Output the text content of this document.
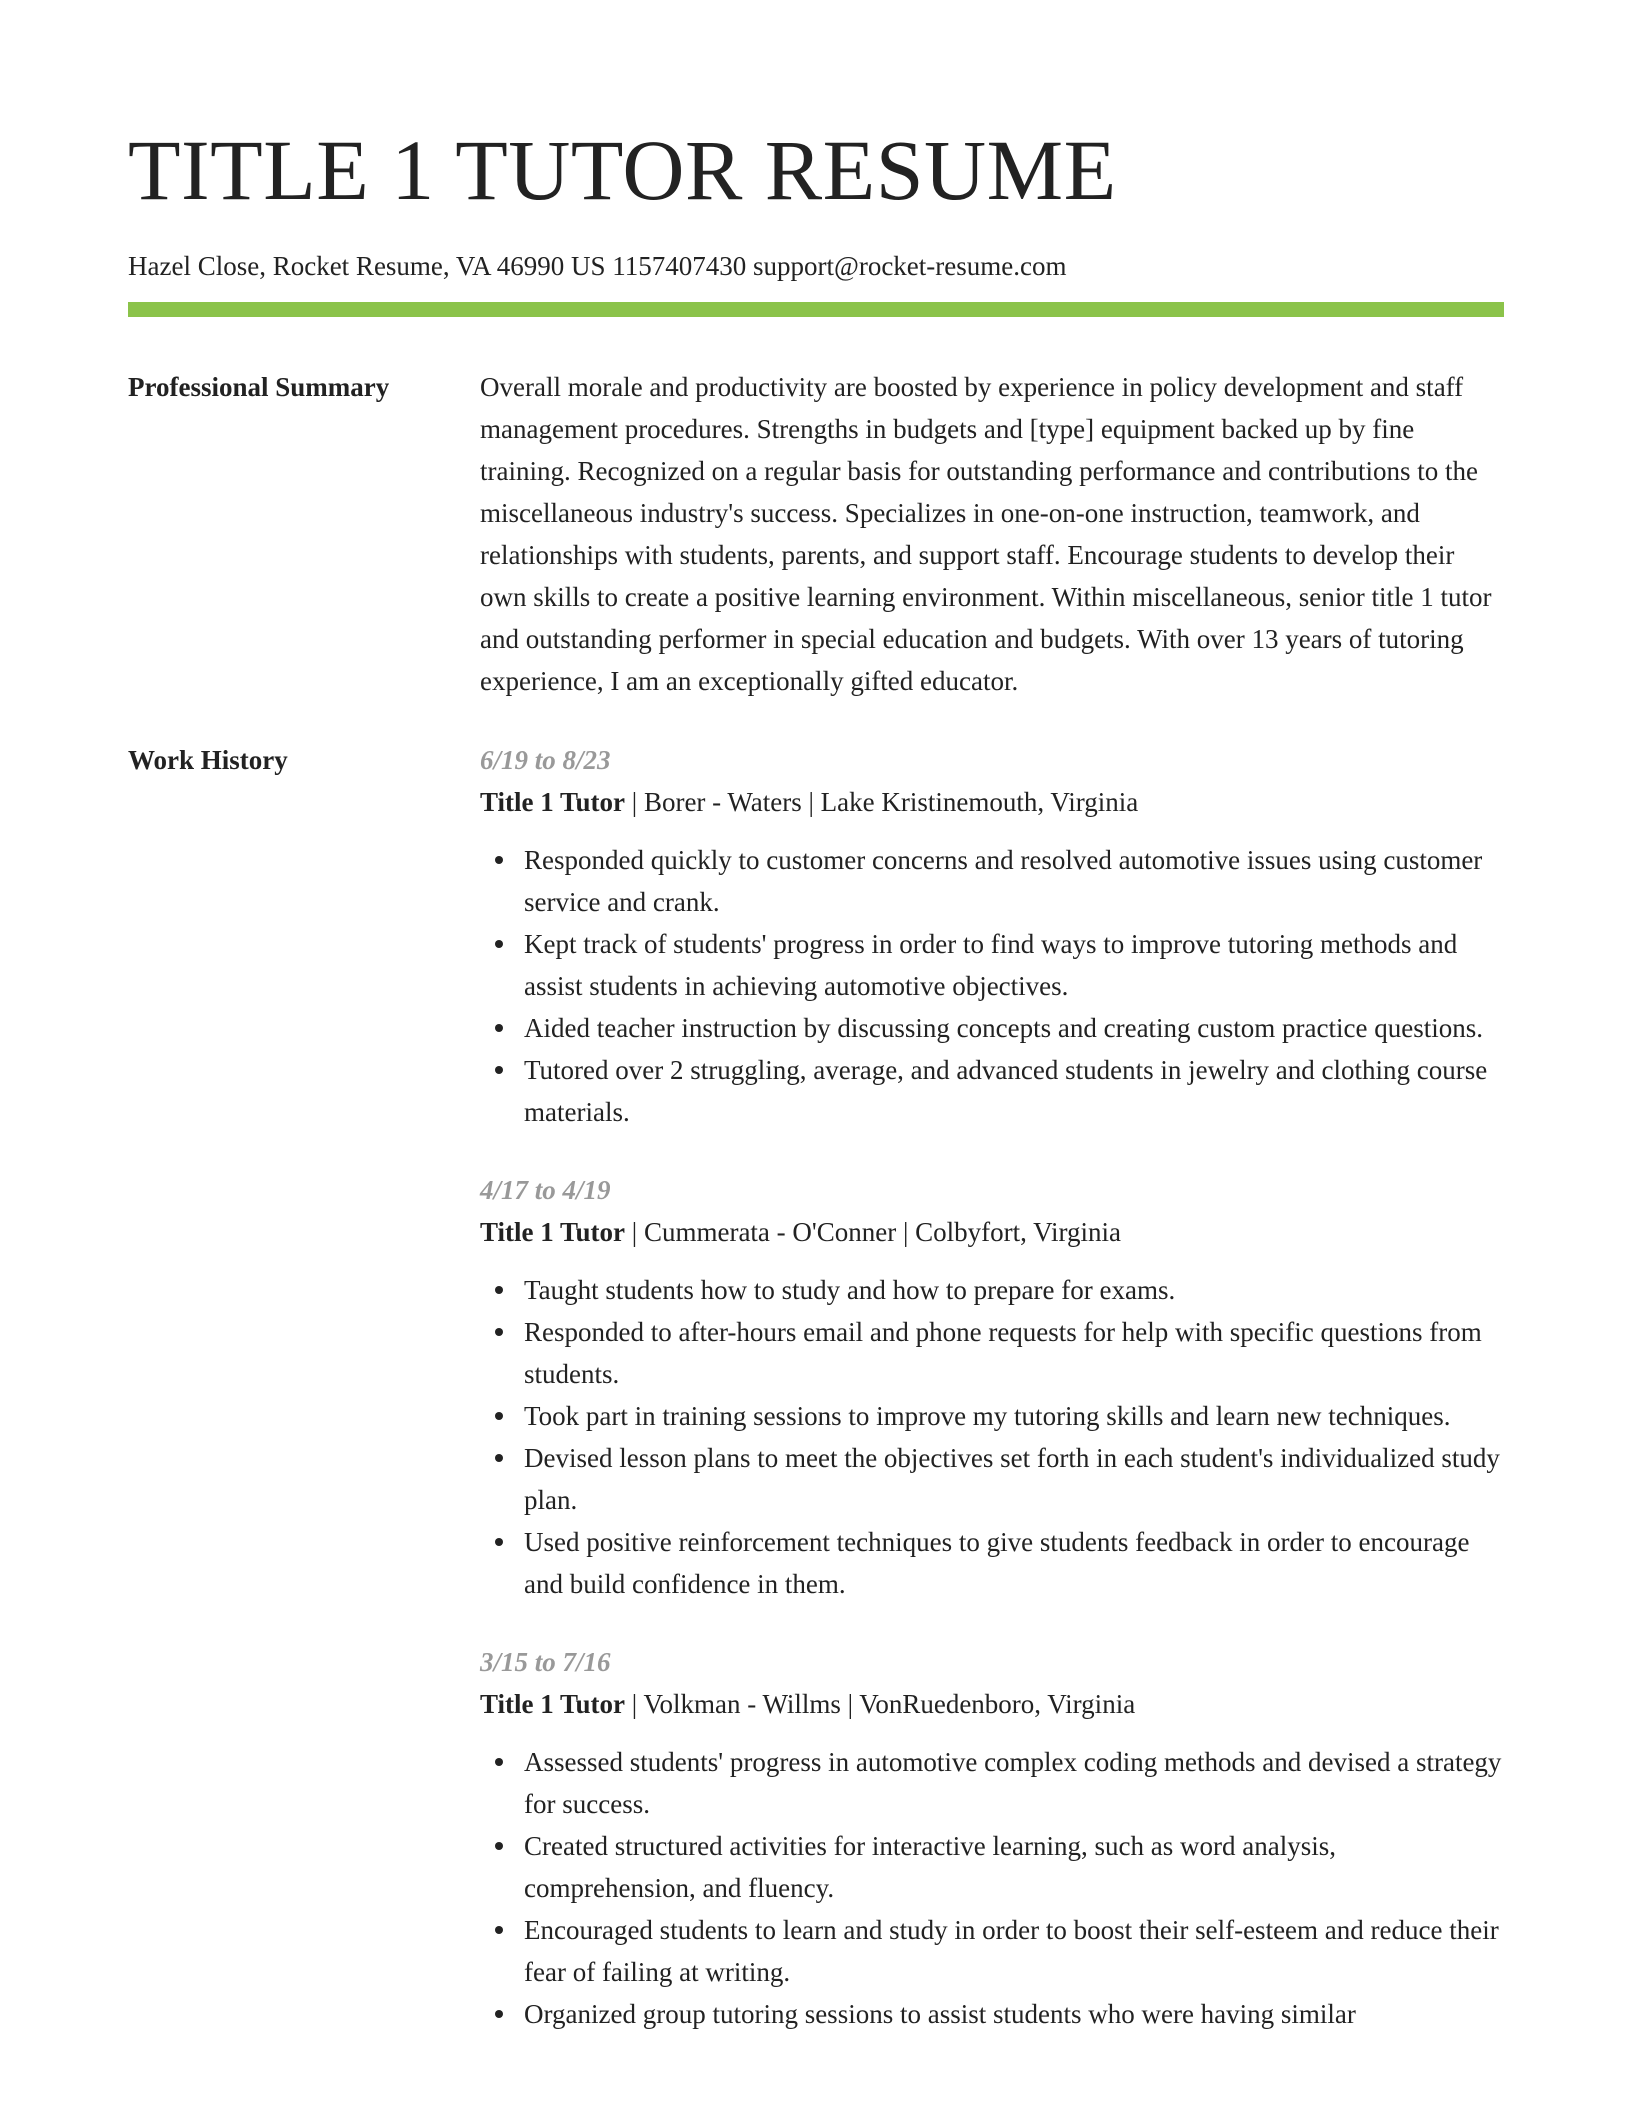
TITLE 1 TUTOR RESUME
Hazel Close, Rocket Resume, VA 46990 US 1157407430 support@rocket-resume.com
Professional Summary	Overall morale and productivity are boosted by experience in policy development and staff management procedures. Strengths in budgets and [type] equipment backed up by fine training. Recognized on a regular basis for outstanding performance and contributions to the miscellaneous industry's success. Specializes in one-on-one instruction, teamwork, and relationships with students, parents, and support staff. Encourage students to develop their own skills to create a positive learning environment. Within miscellaneous, senior title 1 tutor and outstanding performer in special education and budgets. With over 13 years of tutoring experience, I am an exceptionally gifted educator.

Work History	6/19 to 8/23
Title 1 Tutor | Borer - Waters | Lake Kristinemouth, Virginia
Responded quickly to customer concerns and resolved automotive issues using customer service and crank.
Kept track of students' progress in order to find ways to improve tutoring methods and assist students in achieving automotive objectives.
Aided teacher instruction by discussing concepts and creating custom practice questions.
Tutored over 2 struggling, average, and advanced students in jewelry and clothing course materials.
4/17 to 4/19
Title 1 Tutor | Cummerata - O'Conner | Colbyfort, Virginia
Taught students how to study and how to prepare for exams.
Responded to after-hours email and phone requests for help with specific questions from students.
Took part in training sessions to improve my tutoring skills and learn new techniques.
Devised lesson plans to meet the objectives set forth in each student's individualized study plan.
Used positive reinforcement techniques to give students feedback in order to encourage and build confidence in them.
3/15 to 7/16
Title 1 Tutor | Volkman - Willms | VonRuedenboro, Virginia
Assessed students' progress in automotive complex coding methods and devised a strategy for success.
Created structured activities for interactive learning, such as word analysis, comprehension, and fluency.
Encouraged students to learn and study in order to boost their self-esteem and reduce their fear of failing at writing.
Organized group tutoring sessions to assist students who were having similar
